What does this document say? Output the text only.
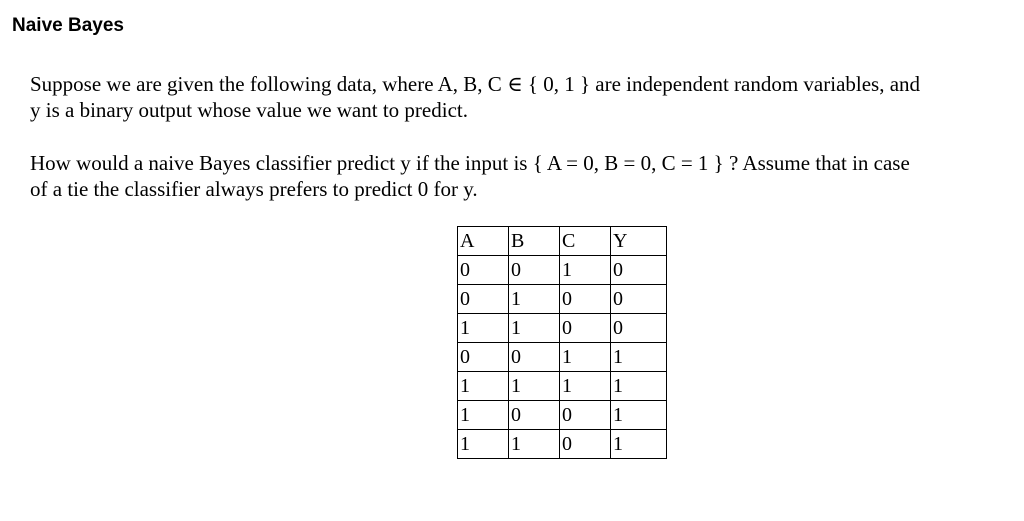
Naive Bayes

Suppose we are given the following data, where A, B, C ∈ { 0, 1 } are independent random variables, and
y is a binary output whose value we want to predict.

How would a naive Bayes classifier predict y if the input is { A = 0, B = 0, C = 1 } ? Assume that in case
of a tie the classifier always prefers to predict 0 for y.

A	B	C	Y
0	0	1	0
0	1	0	0
1	1	0	0
0	0	1	1
1	1	1	1
1	0	0	1
1	1	0	1
